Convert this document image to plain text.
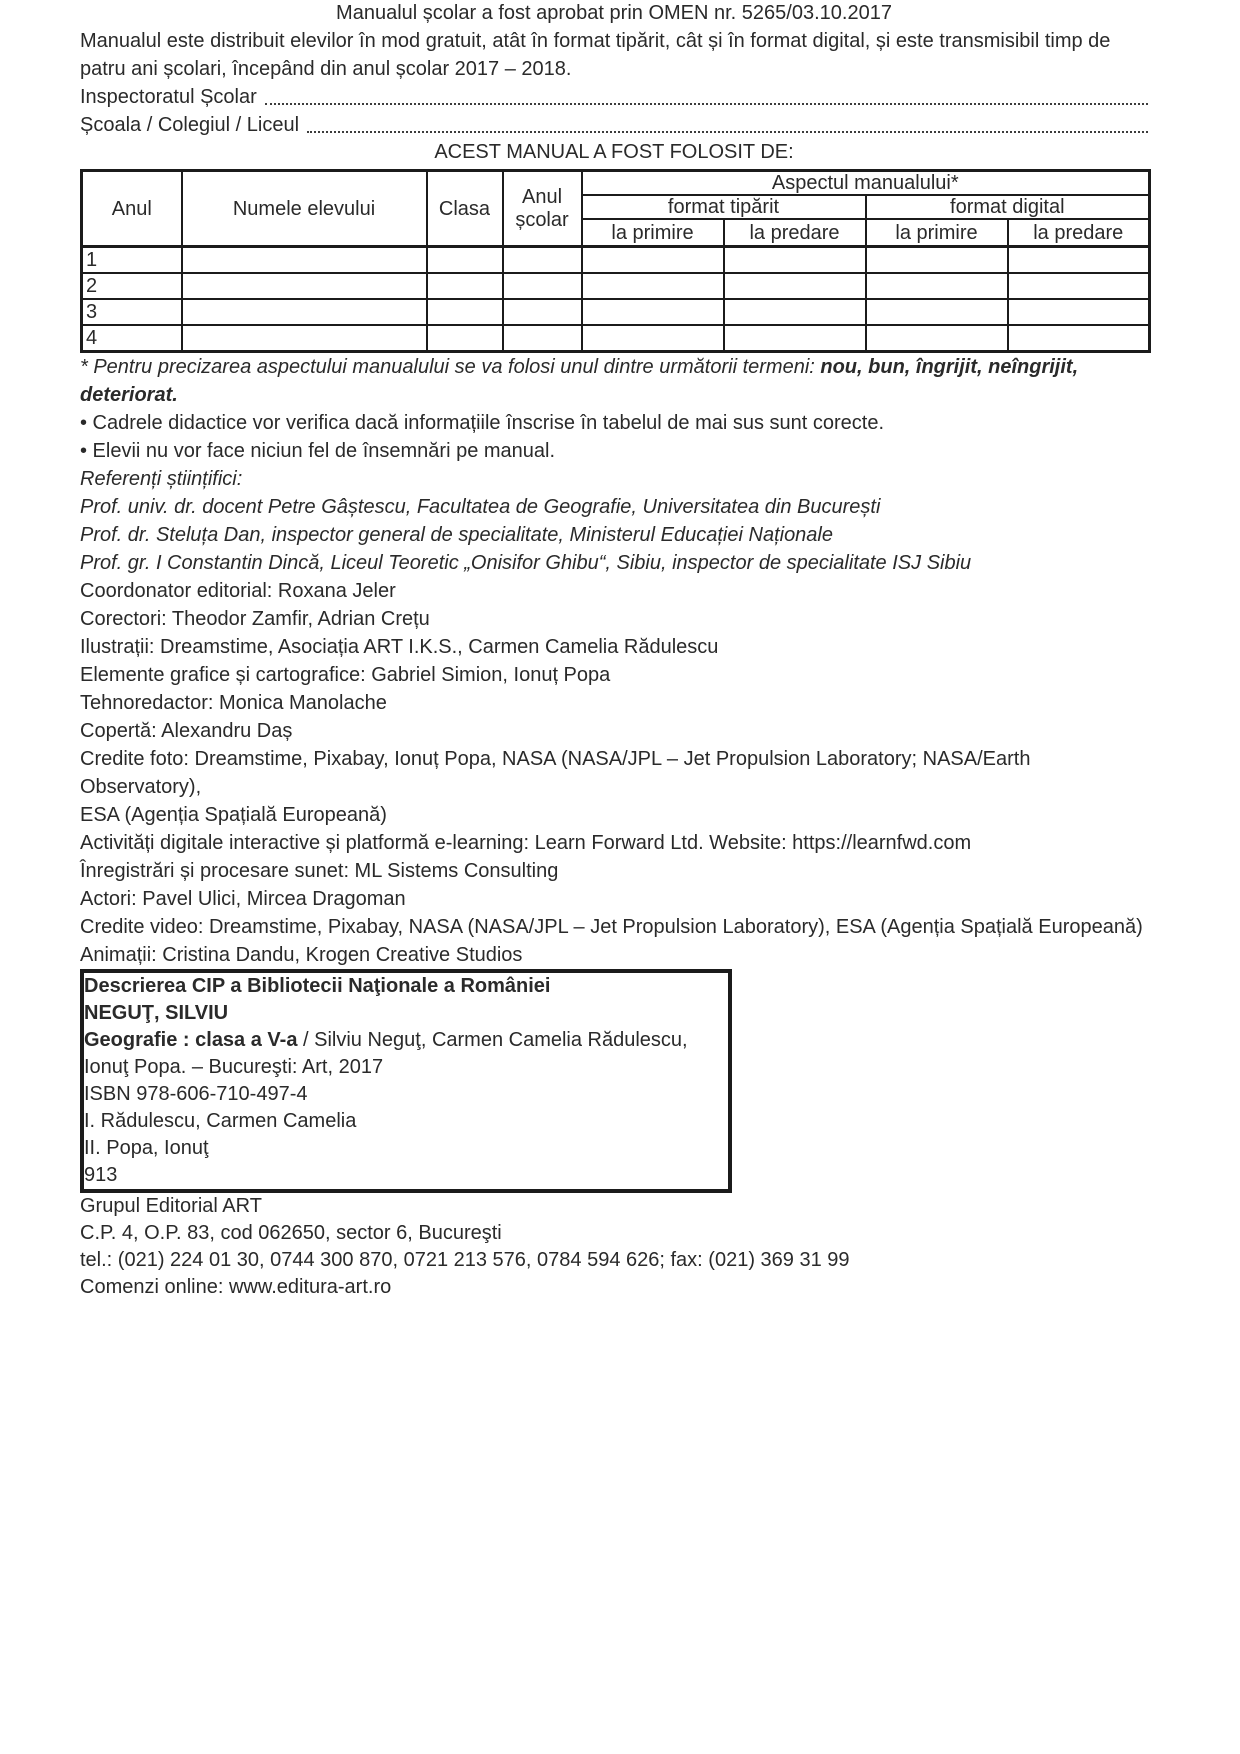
Manualul școlar a fost aprobat prin OMEN nr. 5265/03.10.2017
Manualul este distribuit elevilor în mod gratuit, atât în format tipărit, cât și în format digital, și este transmisibil timp de
patru ani școlari, începând din anul școlar 2017 – 2018.
Inspectoratul Școlar
Școala / Colegiul / Liceul
ACEST MANUAL A FOST FOLOSIT DE:
Anul	Numele elevului	Clasa	Anul școlar	Aspectul manualului*			
				format tipărit		format digital	
				la primire	la predare	la primire	la predare
1							
2							
3							
4							
* Pentru precizarea aspectului manualului se va folosi unul dintre următorii termeni: nou, bun, îngrijit, neîngrijit, deteriorat.
• Cadrele didactice vor verifica dacă informațiile înscrise în tabelul de mai sus sunt corecte.
• Elevii nu vor face niciun fel de însemnări pe manual.
Referenți științifici:
Prof. univ. dr. docent Petre Gâștescu, Facultatea de Geografie, Universitatea din București
Prof. dr. Steluța Dan, inspector general de specialitate, Ministerul Educației Naționale
Prof. gr. I Constantin Dincă, Liceul Teoretic „Onisifor Ghibu“, Sibiu, inspector de specialitate ISJ Sibiu
Coordonator editorial: Roxana Jeler
Corectori: Theodor Zamfir, Adrian Crețu
Ilustrații: Dreamstime, Asociația ART I.K.S., Carmen Camelia Rădulescu
Elemente grafice și cartografice: Gabriel Simion, Ionuț Popa
Tehnoredactor: Monica Manolache
Copertă: Alexandru Daș
Credite foto: Dreamstime, Pixabay, Ionuț Popa, NASA (NASA/JPL – Jet Propulsion Laboratory; NASA/Earth Observatory),
ESA (Agenția Spațială Europeană)
Activități digitale interactive și platformă e-learning: Learn Forward Ltd. Website: https://learnfwd.com
Înregistrări și procesare sunet: ML Sistems Consulting
Actori: Pavel Ulici, Mircea Dragoman
Credite video: Dreamstime, Pixabay, NASA (NASA/JPL – Jet Propulsion Laboratory), ESA (Agenția Spațială Europeană)
Animații: Cristina Dandu, Krogen Creative Studios
Descrierea CIP a Bibliotecii Naţionale a României
NEGUŢ, SILVIU
Geografie : clasa a V-a / Silviu Neguţ, Carmen Camelia Rădulescu,
Ionuţ Popa. – Bucureşti: Art, 2017
ISBN 978-606-710-497-4
I. Rădulescu, Carmen Camelia
II. Popa, Ionuţ
913
Grupul Editorial ART
C.P. 4, O.P. 83, cod 062650, sector 6, Bucureşti
tel.: (021) 224 01 30, 0744 300 870, 0721 213 576, 0784 594 626; fax: (021) 369 31 99
Comenzi online: www.editura-art.ro
